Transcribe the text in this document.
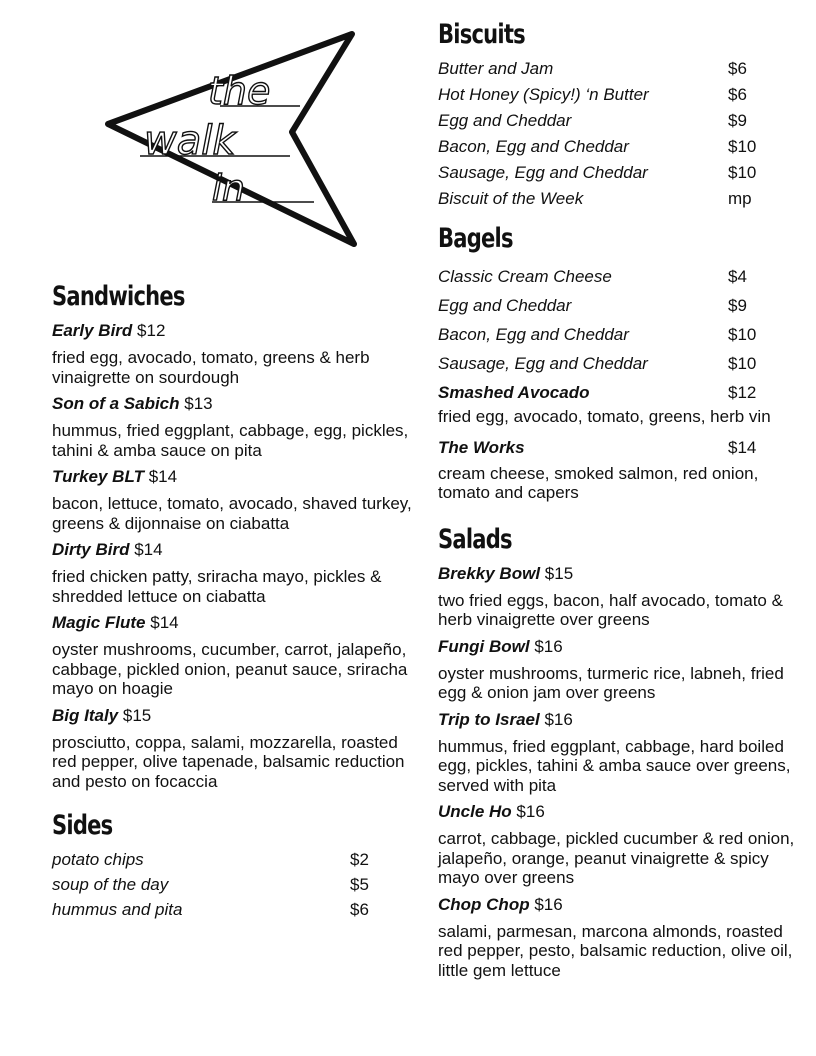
the
walk
in
Sandwiches
Early Bird $12
fried egg, avocado, tomato, greens & herb vinaigrette on sourdough
Son of a Sabich $13
hummus, fried eggplant, cabbage, egg, pickles, tahini & amba sauce on pita
Turkey BLT $14
bacon, lettuce, tomato, avocado, shaved turkey, greens & dijonnaise on ciabatta
Dirty Bird $14
fried chicken patty, sriracha mayo, pickles & shredded lettuce on ciabatta
Magic Flute $14
oyster mushrooms, cucumber, carrot, jalapeño, cabbage, pickled onion, peanut sauce, sriracha mayo on hoagie
Big Italy $15
prosciutto, coppa, salami, mozzarella, roasted red pepper, olive tapenade, balsamic reduction and pesto on focaccia
Sides
potato chips	$2
soup of the day	$5
hummus and pita	$6
Biscuits
Butter and Jam	$6
Hot Honey (Spicy!) ‘n Butter	$6
Egg and Cheddar	$9
Bacon, Egg and Cheddar	$10
Sausage, Egg and Cheddar	$10
Biscuit of the Week	mp
Bagels
Classic Cream Cheese	$4
Egg and Cheddar	$9
Bacon, Egg and Cheddar	$10
Sausage, Egg and Cheddar	$10
Smashed Avocado	$12
fried egg, avocado, tomato, greens, herb vin
The Works	$14
cream cheese, smoked salmon, red onion, tomato and capers
Salads
Brekky Bowl $15
two fried eggs, bacon, half avocado, tomato & herb vinaigrette over greens
Fungi Bowl $16
oyster mushrooms, turmeric rice, labneh, fried egg & onion jam over greens
Trip to Israel $16
hummus, fried eggplant, cabbage, hard boiled egg, pickles, tahini & amba sauce over greens, served with pita
Uncle Ho $16
carrot, cabbage, pickled cucumber & red onion, jalapeño, orange, peanut vinaigrette & spicy mayo over greens
Chop Chop $16
salami, parmesan, marcona almonds, roasted red pepper, pesto, balsamic reduction, olive oil, little gem lettuce
